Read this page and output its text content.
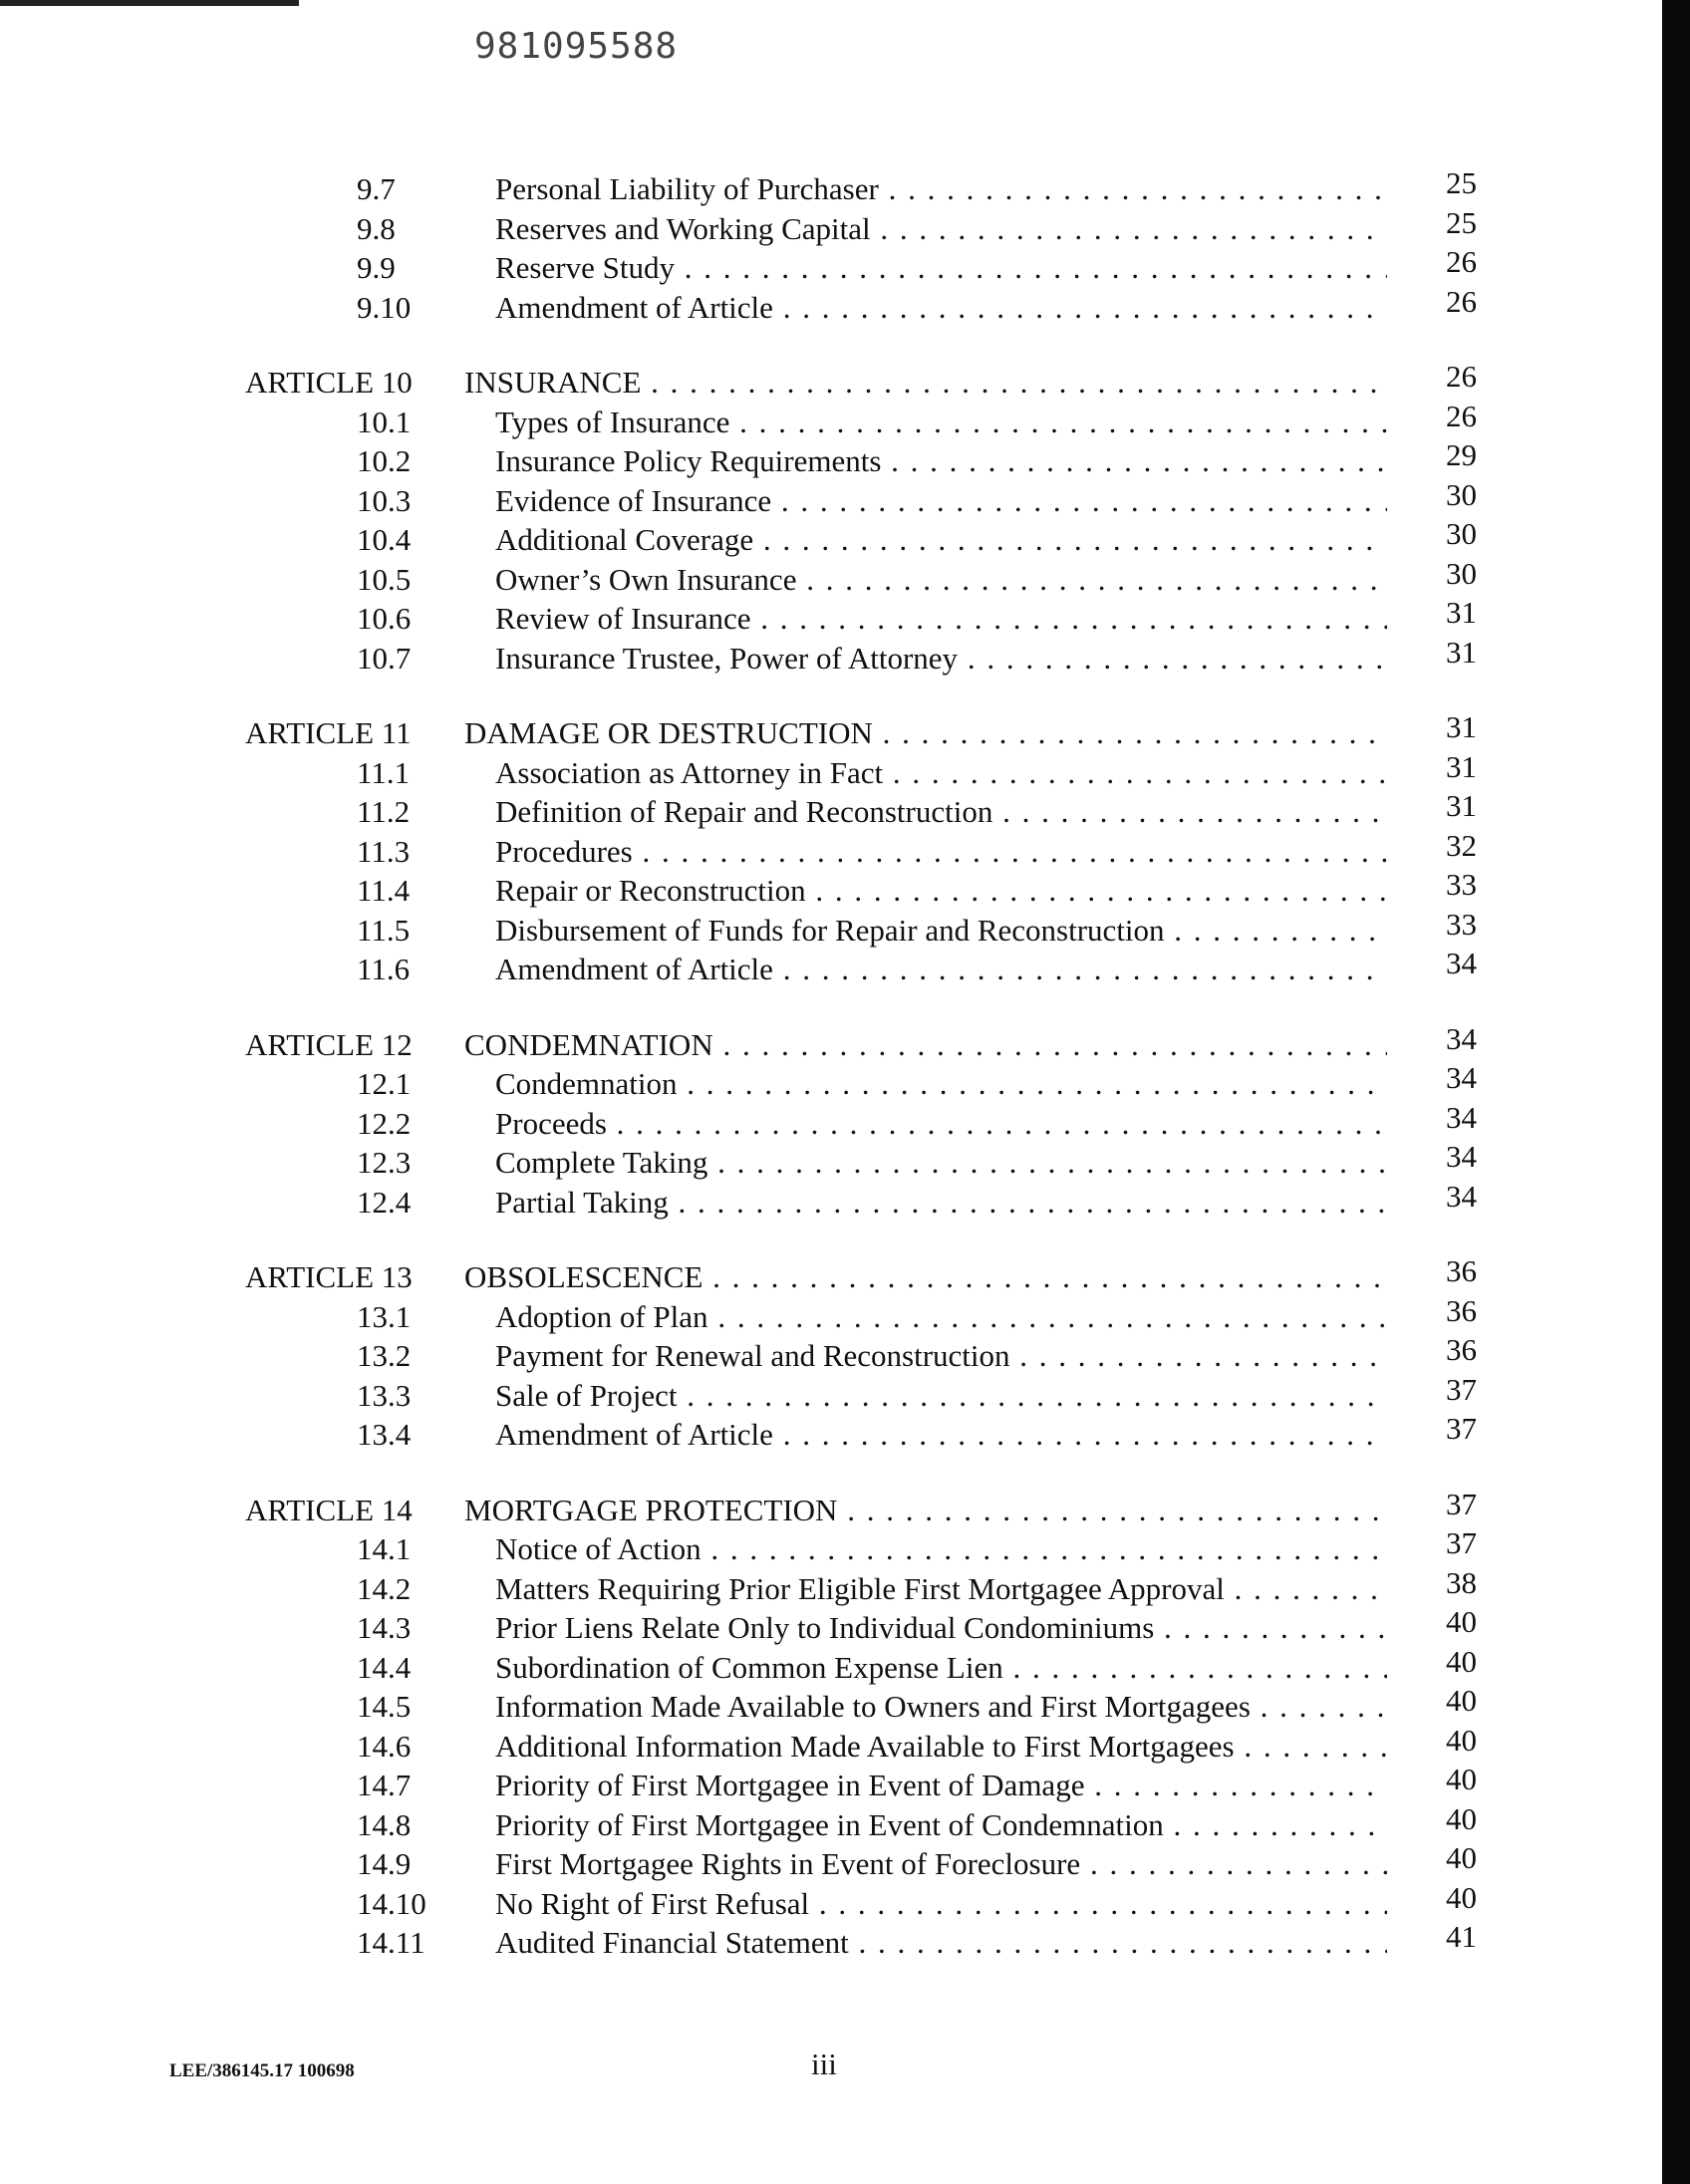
981095588
9.7	Personal Liability of Purchaser . . .	25
9.8	Reserves and Working Capital . . .	25
9.9	Reserve Study . . .	26
9.10	Amendment of Article . . .	26
ARTICLE 10 INSURANCE . . .	26
10.1	Types of Insurance . . .	26
10.2	Insurance Policy Requirements . . .	29
10.3	Evidence of Insurance . . .	30
10.4	Additional Coverage . . .	30
10.5	Owner’s Own Insurance . . .	30
10.6	Review of Insurance . . .	31
10.7	Insurance Trustee, Power of Attorney . . .	31
ARTICLE 11 DAMAGE OR DESTRUCTION . . .	31
11.1	Association as Attorney in Fact . . .	31
11.2	Definition of Repair and Reconstruction . . .	31
11.3	Procedures . . .	32
11.4	Repair or Reconstruction . . .	33
11.5	Disbursement of Funds for Repair and Reconstruction . . .	33
11.6	Amendment of Article . . .	34
ARTICLE 12 CONDEMNATION . . .	34
12.1	Condemnation . . .	34
12.2	Proceeds . . .	34
12.3	Complete Taking . . .	34
12.4	Partial Taking . . .	34
ARTICLE 13 OBSOLESCENCE . . .	36
13.1	Adoption of Plan . . .	36
13.2	Payment for Renewal and Reconstruction . . .	36
13.3	Sale of Project . . .	37
13.4	Amendment of Article . . .	37
ARTICLE 14 MORTGAGE PROTECTION . . .	37
14.1	Notice of Action . . .	37
14.2	Matters Requiring Prior Eligible First Mortgagee Approval . . .	38
14.3	Prior Liens Relate Only to Individual Condominiums . . .	40
14.4	Subordination of Common Expense Lien . . .	40
14.5	Information Made Available to Owners and First Mortgagees . . .	40
14.6	Additional Information Made Available to First Mortgagees . . .	40
14.7	Priority of First Mortgagee in Event of Damage . . .	40
14.8	Priority of First Mortgagee in Event of Condemnation . . .	40
14.9	First Mortgagee Rights in Event of Foreclosure . . .	40
14.10 No Right of First Refusal . . .	40
14.11 Audited Financial Statement . . .	41
LEE/386145.17 100698	iii
